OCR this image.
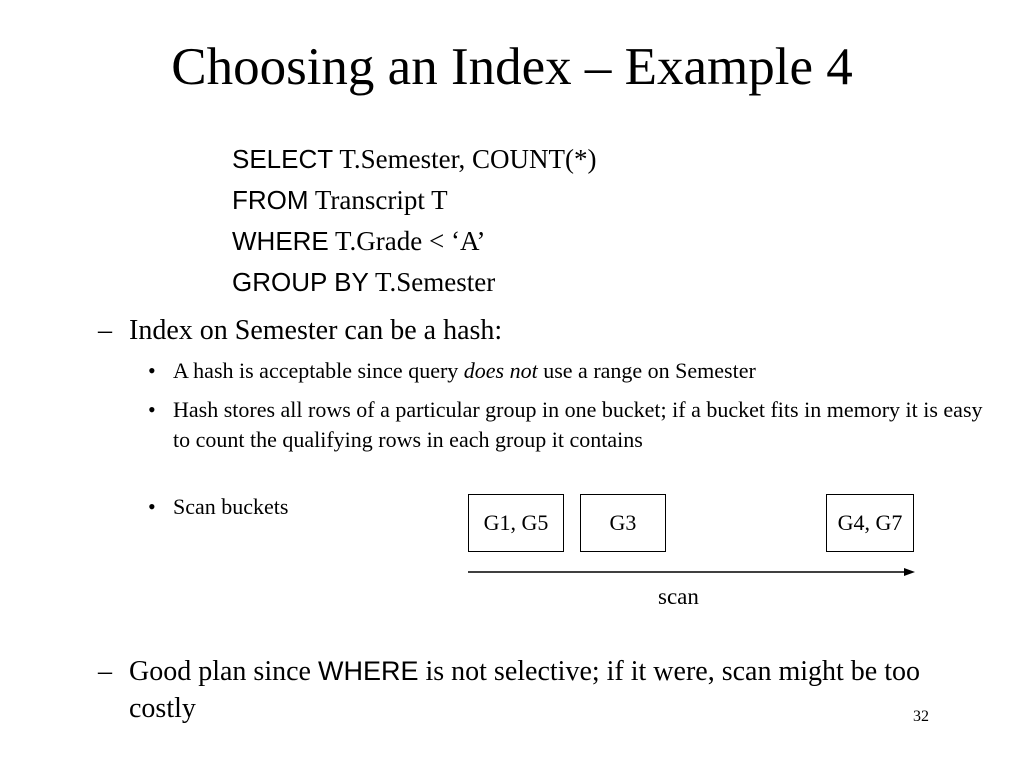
Choosing an Index – Example 4
SELECT T.Semester, COUNT(*)
FROM Transcript T
WHERE T.Grade < ‘A’
GROUP BY T.Semester
– Index on Semester can be a hash:
• A hash is acceptable since query does not use a range on Semester
• Hash stores all rows of a particular group in one bucket; if a bucket fits in memory it is easy to count the qualifying rows in each group it contains
• Scan buckets
G1, G5	G3	G4, G7
scan
– Good plan since WHERE is not selective; if it were, scan might be too costly	32
